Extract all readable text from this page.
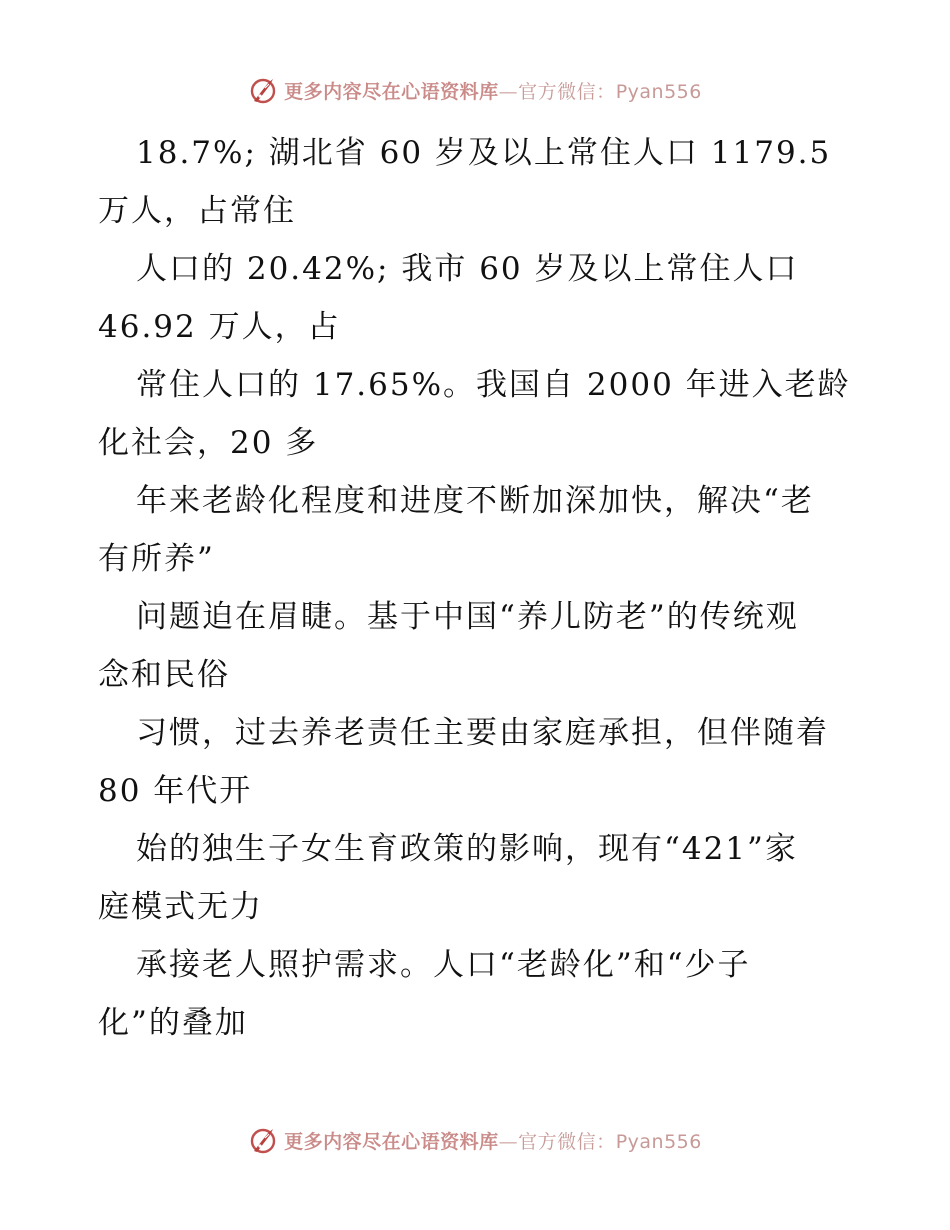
更多内容尽在心语资料库—官方微信：Pyan556
18.7%; 湖北省 60 岁及以上常住人口 1179.5
万人，占常住
人口的 20.42%; 我市 60 岁及以上常住人口
46.92 万人，占
常住人口的 17.65%。我国自 2000 年进入老龄
化社会，20 多
年来老龄化程度和进度不断加深加快，解决“老
有所养”
问题迫在眉睫。基于中国“养儿防老”的传统观
念和民俗
习惯，过去养老责任主要由家庭承担，但伴随着
80 年代开
始的独生子女生育政策的影响，现有“421”家
庭模式无力
承接老人照护需求。人口“老龄化”和“少子
化”的叠加
更多内容尽在心语资料库—官方微信：Pyan556
